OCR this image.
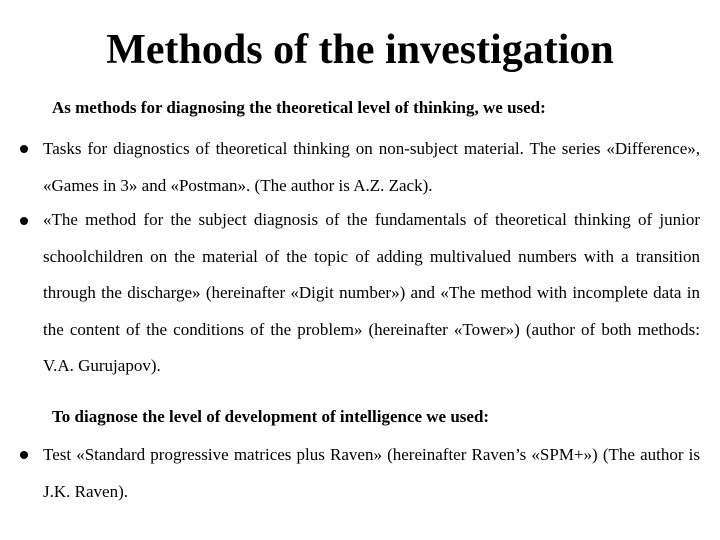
Methods of the investigation
As methods for diagnosing the theoretical level of thinking, we used:
Tasks for diagnostics of theoretical thinking on non-subject material. The series «Difference», «Games in 3» and «Postman». (The author is A.Z. Zack).
«The method for the subject diagnosis of the fundamentals of theoretical thinking of junior schoolchildren on the material of the topic of adding multivalued numbers with a transition through the discharge» (hereinafter «Digit number») and «The method with incomplete data in the content of the conditions of the problem» (hereinafter «Tower») (author of both methods: V.A. Gurujapov).
To diagnose the level of development of intelligence we used:
Test «Standard progressive matrices plus Raven» (hereinafter Raven’s «SPM+») (The author is J.K. Raven).
